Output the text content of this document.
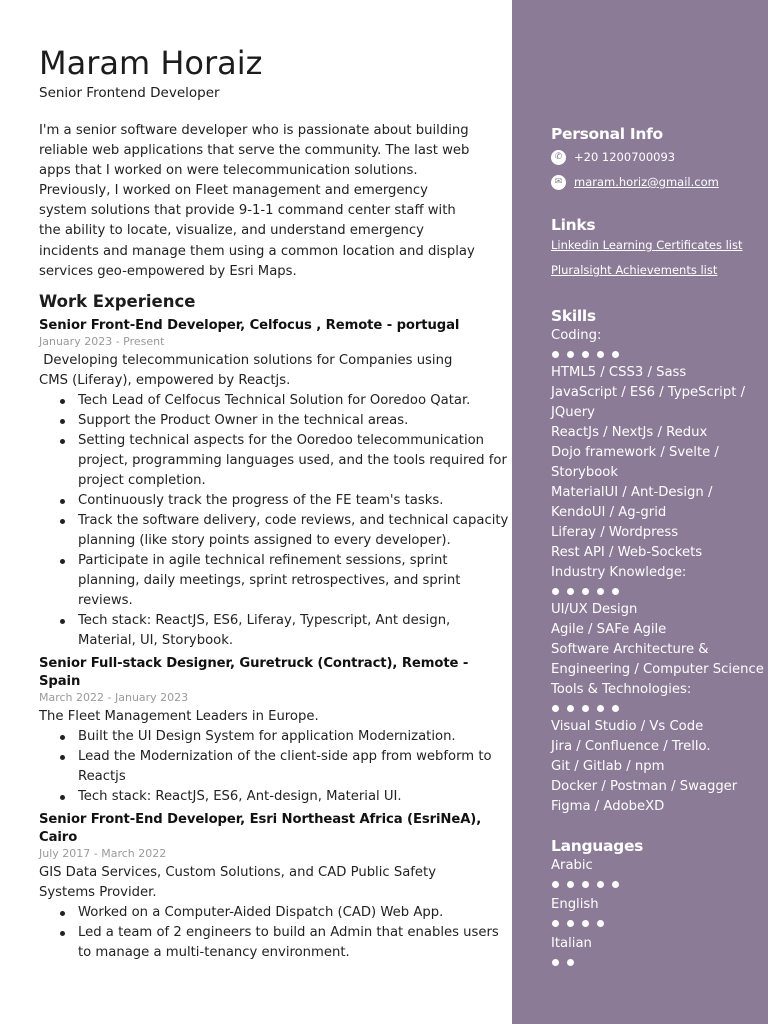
Maram Horaiz
Senior Frontend Developer

I'm a senior software developer who is passionate about building reliable web applications that serve the community. The last web apps that I worked on were telecommunication solutions. Previously, I worked on Fleet management and emergency system solutions that provide 9-1-1 command center staff with the ability to locate, visualize, and understand emergency incidents and manage them using a common location and display services geo-empowered by Esri Maps.

Work Experience
Senior Front-End Developer, Celfocus , Remote - portugal
January 2023 - Present

Developing telecommunication solutions for Companies using CMS (Liferay), empowered by Reactjs.

Tech Lead of Celfocus Technical Solution for Ooredoo Qatar.
Support the Product Owner in the technical areas.
Setting technical aspects for the Ooredoo telecommunication project, programming languages used, and the tools required for project completion.
Continuously track the progress of the FE team's tasks.
Track the software delivery, code reviews, and technical capacity planning (like story points assigned to every developer).
Participate in agile technical refinement sessions, sprint planning, daily meetings, sprint retrospectives, and sprint reviews.
Tech stack: ReactJS, ES6, Liferay, Typescript, Ant design, Material, UI, Storybook.
Senior Full-stack Designer, Guretruck (Contract), Remote - Spain
March 2022 - January 2023

The Fleet Management Leaders in Europe.

Built the UI Design System for application Modernization.
Lead the Modernization of the client-side app from webform to Reactjs
Tech stack: ReactJS, ES6, Ant-design, Material UI.
Senior Front-End Developer, Esri Northeast Africa (EsriNeA), Cairo
July 2017 - March 2022

GIS Data Services, Custom Solutions, and CAD Public Safety Systems Provider.

Worked on a Computer-Aided Dispatch (CAD) Web App.
Led a team of 2 engineers to build an Admin that enables users to manage a multi-tenancy environment.
Personal Info
✆	+20 1200700093
✉	maram.horiz@gmail.com
Links
Linkedin Learning Certificates list
Pluralsight Achievements list
Skills
Coding:
HTML5 / CSS3 / Sass
JavaScript / ES6 / TypeScript / JQuery
ReactJs / NextJs / Redux
Dojo framework / Svelte / Storybook
MaterialUI / Ant-Design / KendoUI / Ag-grid
Liferay / Wordpress
Rest API / Web-Sockets
Industry Knowledge:
UI/UX Design
Agile / SAFe Agile
Software Architecture & Engineering / Computer Science
Tools & Technologies:
Visual Studio / Vs Code
Jira / Confluence / Trello.
Git / Gitlab / npm
Docker / Postman / Swagger
Figma / AdobeXD
Languages
Arabic
English
Italian
